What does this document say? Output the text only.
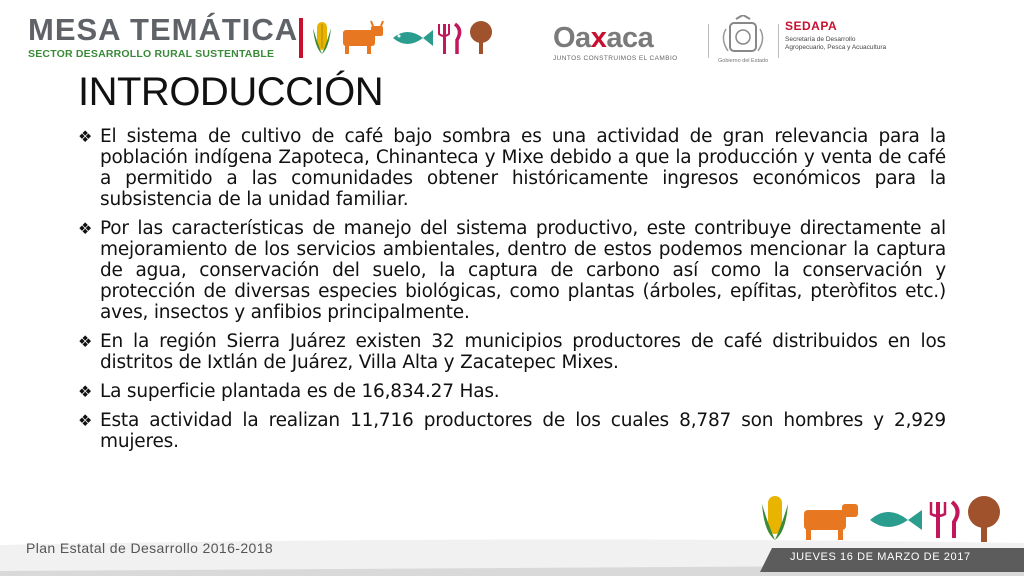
MESA TEMÁTICA
SECTOR DESARROLLO RURAL SUSTENTABLE	Oaxaca
JUNTOS CONSTRUIMOS EL CAMBIO	Gobierno del Estado
SEDAPA
Secretaría de Desarrollo Agropecuario, Pesca y Acuacultura
INTRODUCCIÓN
❖ El sistema de cultivo de café bajo sombra es una actividad de gran relevancia para la población indígena Zapoteca, Chinanteca y Mixe debido a que la producción y venta de café a permitido a las comunidades obtener históricamente ingresos económicos para la subsistencia de la unidad familiar.
❖ Por las características de manejo del sistema productivo, este contribuye directamente al mejoramiento de los servicios ambientales, dentro de estos podemos mencionar la captura de agua, conservación del suelo, la captura de carbono así como la conservación y protección de diversas especies biológicas, como plantas (árboles, epífitas, pteròfitos etc.) aves, insectos y anfibios principalmente.
❖ En la región Sierra Juárez existen 32 municipios productores de café distribuidos en los distritos de Ixtlán de Juárez, Villa Alta y Zacatepec Mixes.
❖ La superficie plantada es de 16,834.27 Has.
❖ Esta actividad la realizan 11,716 productores de los cuales 8,787 son hombres y 2,929 mujeres.
Plan Estatal de Desarrollo 2016-2018
JUEVES 16 DE MARZO DE 2017
